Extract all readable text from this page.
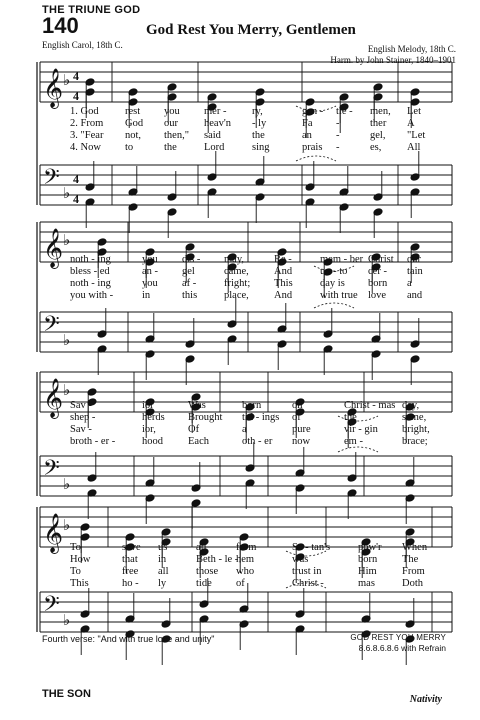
THE TRIUNE GOD
140	God Rest You Merry, Gentlemen
English Carol, 18th C.	English Melody, 18th C.
Harm. by John Stainer, 1840–1901
𝄞 ♭ 4
4
𝄢 ♭
4
4
1. God	rest you mer - ry,	gen - tle - men, Let
2. From God our heav'n - ly	Fa -	ther A
3. "Fear not, then," said	the	an -	gel, "Let
4. Now to	the	Lord	sing	prais -	es, All
𝄞 ♭
𝄢 ♭
noth - ing	you dis - may,	Re -	mem - ber Christ our
bless - ed	an - gel	came, And	un - to cer - tain
noth - ing	you af -	fright; This	day is born a
you with -	in	this	place, And	with true love and
𝄞 ♭
𝄢 ♭
Sav -	ior	Was	born	on	Christ - mas day,
shep -	herds Brought tid - ings of	the	same,
Sav -	ior,	Of	a	pure	vir - gin bright,
broth - er -	hood Each	oth - er now	em -	brace;
𝄞 ♭
𝄢 ♭
To	save us	all	from	Sa - tan's	pow'r When
How	that in	Beth - le -
hem	was	born The
To	free all	those who	trust in	Him From
This	ho - ly	tide of	Christ -	mas	Doth
Fourth verse: "And with true love and unity"	GOD REST YOU MERRY
8.6.8.6.8.6 with Refrain
THE SON	Nativity
